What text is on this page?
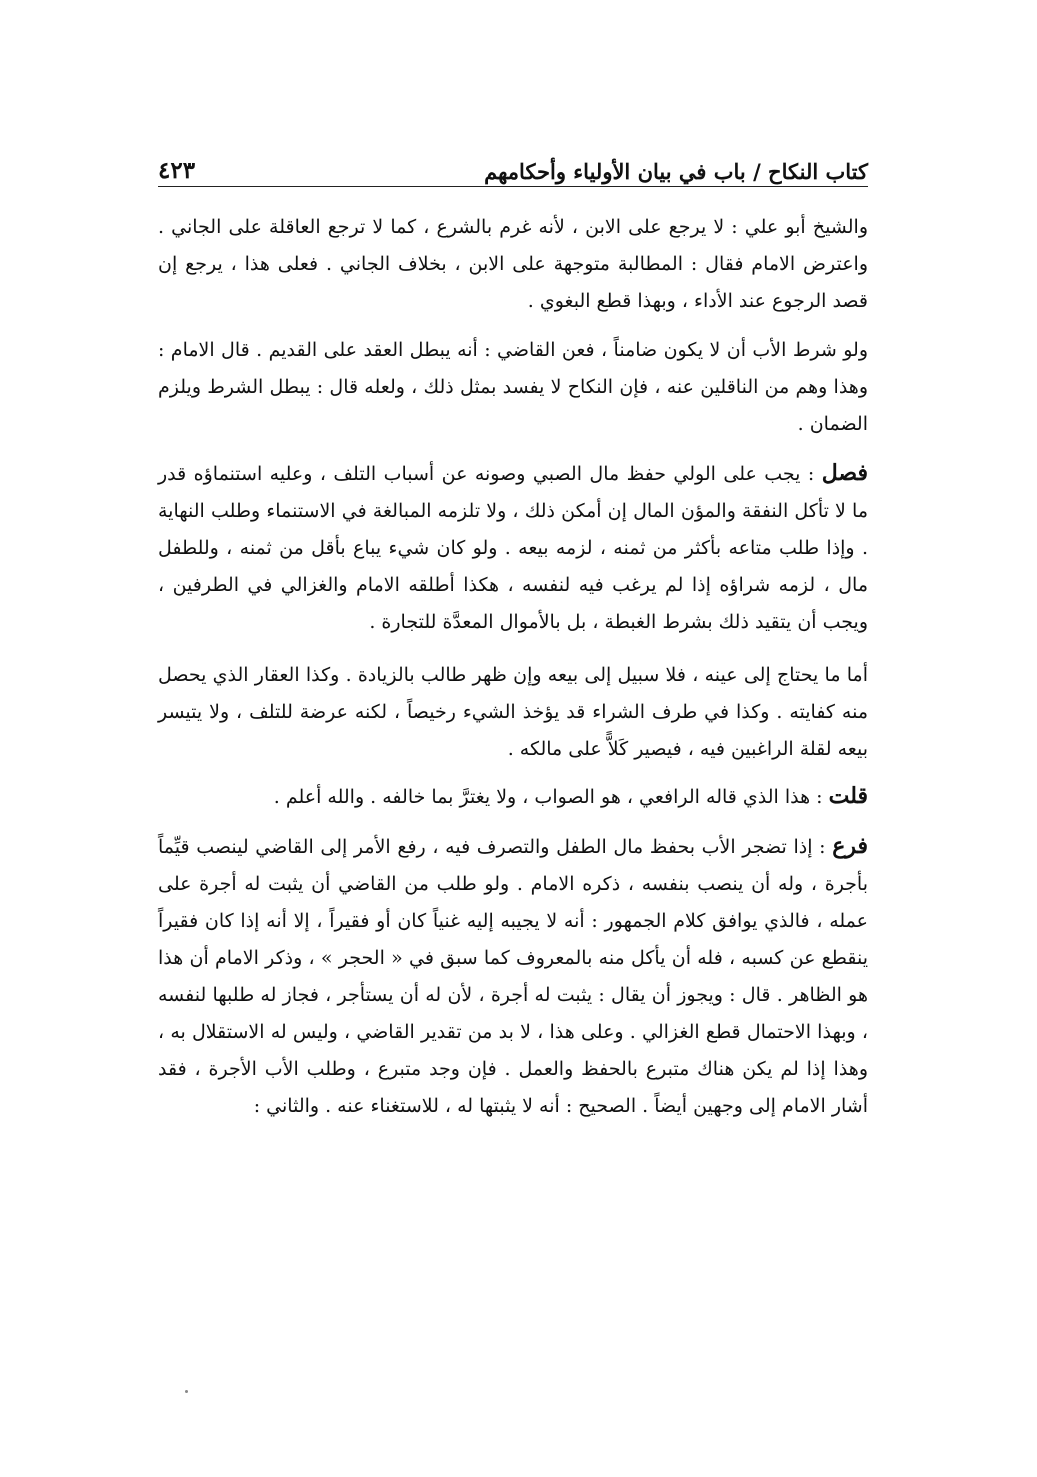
كتاب النكاح / باب في بيان الأولياء وأحكامهم
٤٢٣

والشيخ أبو علي : لا يرجع على الابن ، لأنه غرم بالشرع ، كما لا ترجع العاقلة على الجاني . واعترض الامام فقال : المطالبة متوجهة على الابن ، بخلاف الجاني . فعلى هذا ، يرجع إن قصد الرجوع عند الأداء ، وبهذا قطع البغوي .

ولو شرط الأب أن لا يكون ضامناً ، فعن القاضي : أنه يبطل العقد على القديم . قال الامام : وهذا وهم من الناقلين عنه ، فإن النكاح لا يفسد بمثل ذلك ، ولعله قال : يبطل الشرط ويلزم الضمان .

فصل : يجب على الولي حفظ مال الصبي وصونه عن أسباب التلف ، وعليه استنماؤه قدر ما لا تأكل النفقة والمؤن المال إن أمكن ذلك ، ولا تلزمه المبالغة في الاستنماء وطلب النهاية . وإذا طلب متاعه بأكثر من ثمنه ، لزمه بيعه . ولو كان شيء يباع بأقل من ثمنه ، وللطفل مال ، لزمه شراؤه إذا لم يرغب فيه لنفسه ، هكذا أطلقه الامام والغزالي في الطرفين ، ويجب أن يتقيد ذلك بشرط الغبطة ، بل بالأموال المعدَّة للتجارة .

أما ما يحتاج إلى عينه ، فلا سبيل إلى بيعه وإن ظهر طالب بالزيادة . وكذا العقار الذي يحصل منه كفايته . وكذا في طرف الشراء قد يؤخذ الشيء رخيصاً ، لكنه عرضة للتلف ، ولا يتيسر بيعه لقلة الراغبين فيه ، فيصير كَلاًّ على مالكه .

قلت : هذا الذي قاله الرافعي ، هو الصواب ، ولا يغترَّ بما خالفه . والله أعلم .

فرع : إذا تضجر الأب بحفظ مال الطفل والتصرف فيه ، رفع الأمر إلى القاضي لينصب قيِّماً بأجرة ، وله أن ينصب بنفسه ، ذكره الامام . ولو طلب من القاضي أن يثبت له أجرة على عمله ، فالذي يوافق كلام الجمهور : أنه لا يجيبه إليه غنياً كان أو فقيراً ، إلا أنه إذا كان فقيراً ينقطع عن كسبه ، فله أن يأكل منه بالمعروف كما سبق في « الحجر » ، وذكر الامام أن هذا هو الظاهر . قال : ويجوز أن يقال : يثبت له أجرة ، لأن له أن يستأجر ، فجاز له طلبها لنفسه ، وبهذا الاحتمال قطع الغزالي . وعلى هذا ، لا بد من تقدير القاضي ، وليس له الاستقلال به ، وهذا إذا لم يكن هناك متبرع بالحفظ والعمل . فإن وجد متبرع ، وطلب الأب الأجرة ، فقد أشار الامام إلى وجهين أيضاً . الصحيح : أنه لا يثبتها له ، للاستغناء عنه . والثاني :
